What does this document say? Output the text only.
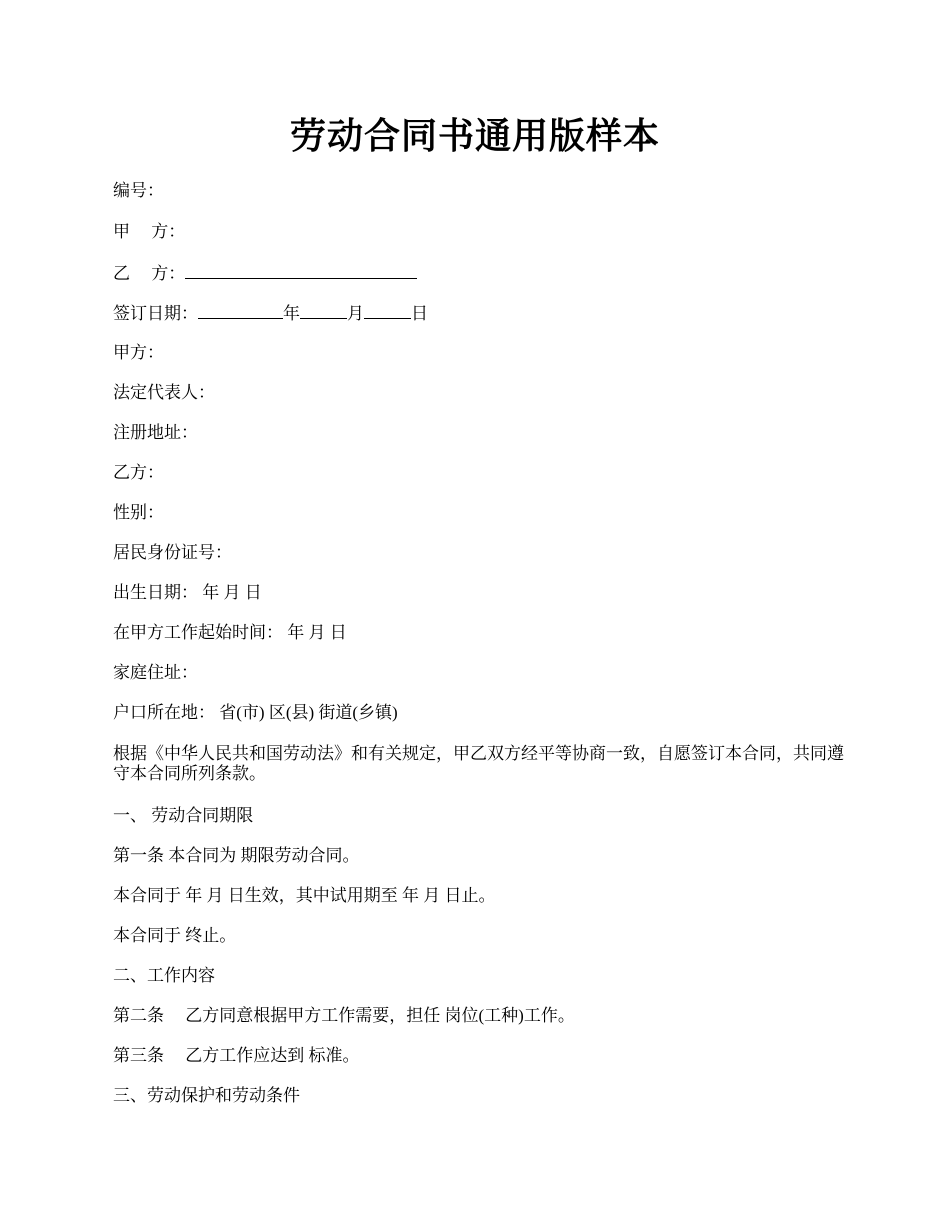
劳动合同书通用版样本
编号：
甲　 方：
乙　 方：
签订日期：	年	月	日
甲方：
法定代表人：
注册地址：
乙方：
性别：
居民身份证号：
出生日期： 年 月 日
在甲方工作起始时间： 年 月 日
家庭住址：
户口所在地： 省(市) 区(县) 街道(乡镇)
根据《中华人民共和国劳动法》和有关规定，甲乙双方经平等协商一致，自愿签订本合同，共同遵守本合同所列条款。
一、 劳动合同期限
第一条 本合同为 期限劳动合同。
本合同于 年 月 日生效，其中试用期至 年 月 日止。
本合同于 终止。
二、工作内容
第二条　 乙方同意根据甲方工作需要，担任 岗位(工种)工作。
第三条　 乙方工作应达到 标准。
三、劳动保护和劳动条件
